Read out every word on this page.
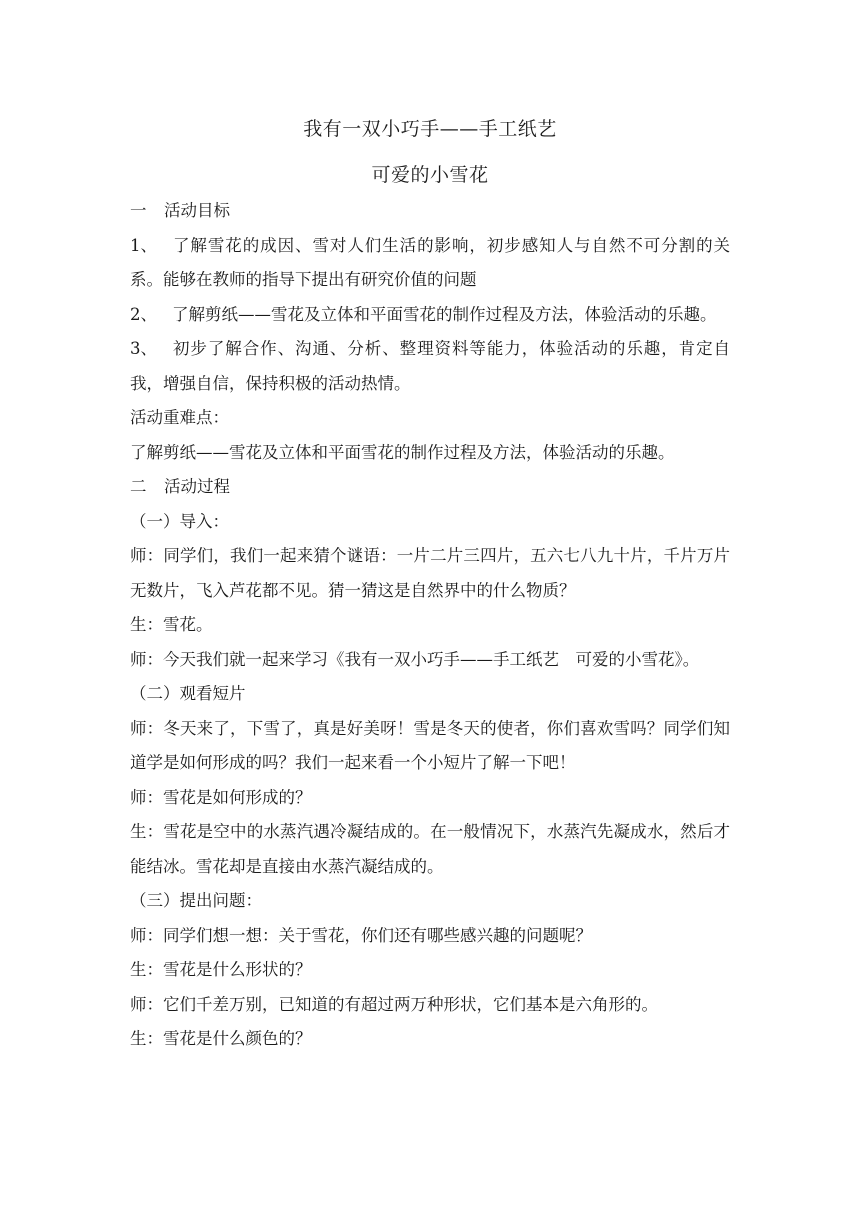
我有一双小巧手——手工纸艺
可爱的小雪花
一 活动目标
1、 了解雪花的成因、雪对人们生活的影响，初步感知人与自然不可分割的关系。能够在教师的指导下提出有研究价值的问题
2、 了解剪纸——雪花及立体和平面雪花的制作过程及方法，体验活动的乐趣。
3、 初步了解合作、沟通、分析、整理资料等能力，体验活动的乐趣，肯定自我，增强自信，保持积极的活动热情。
活动重难点：
了解剪纸——雪花及立体和平面雪花的制作过程及方法，体验活动的乐趣。
二 活动过程
（一）导入：
师：同学们，我们一起来猜个谜语：一片二片三四片，五六七八九十片，千片万片无数片，飞入芦花都不见。猜一猜这是自然界中的什么物质？
生：雪花。
师：今天我们就一起来学习《我有一双小巧手——手工纸艺　可爱的小雪花》。
（二）观看短片
师：冬天来了，下雪了，真是好美呀！雪是冬天的使者，你们喜欢雪吗？同学们知道学是如何形成的吗？我们一起来看一个小短片了解一下吧！
师：雪花是如何形成的？
生：雪花是空中的水蒸汽遇冷凝结成的。在一般情况下，水蒸汽先凝成水，然后才能结冰。雪花却是直接由水蒸汽凝结成的。
（三）提出问题：
师：同学们想一想：关于雪花，你们还有哪些感兴趣的问题呢？
生：雪花是什么形状的？
师：它们千差万别，已知道的有超过两万种形状，它们基本是六角形的。
生：雪花是什么颜色的？
